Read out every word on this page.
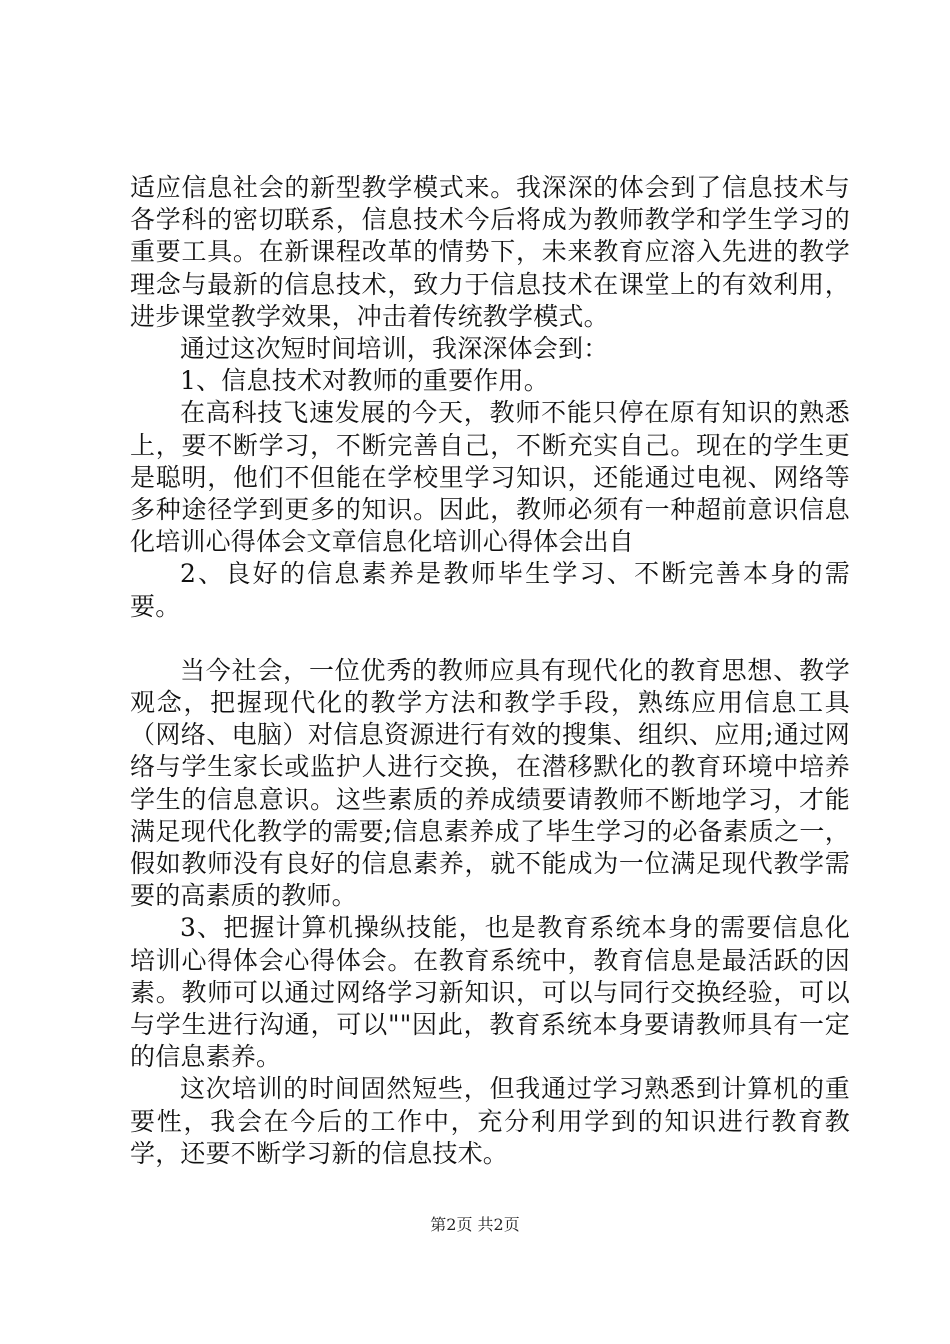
适应信息社会的新型教学模式来。我深深的体会到了信息技术与各学科的密切联系，信息技术今后将成为教师教学和学生学习的重要工具。在新课程改革的情势下，未来教育应溶入先进的教学理念与最新的信息技术，致力于信息技术在课堂上的有效利用，进步课堂教学效果，冲击着传统教学模式。

通过这次短时间培训，我深深体会到：

1、信息技术对教师的重要作用。

在高科技飞速发展的今天，教师不能只停在原有知识的熟悉上，要不断学习，不断完善自己，不断充实自己。现在的学生更是聪明，他们不但能在学校里学习知识，还能通过电视、网络等多种途径学到更多的知识。因此，教师必须有一种超前意识信息化培训心得体会文章信息化培训心得体会出自

2、良好的信息素养是教师毕生学习、不断完善本身的需要。

当今社会，一位优秀的教师应具有现代化的教育思想、教学观念，把握现代化的教学方法和教学手段，熟练应用信息工具（网络、电脑）对信息资源进行有效的搜集、组织、应用;通过网络与学生家长或监护人进行交换，在潜移默化的教育环境中培养学生的信息意识。这些素质的养成绩要请教师不断地学习，才能满足现代化教学的需要;信息素养成了毕生学习的必备素质之一，假如教师没有良好的信息素养，就不能成为一位满足现代教学需要的高素质的教师。

3、把握计算机操纵技能，也是教育系统本身的需要信息化培训心得体会心得体会。在教育系统中，教育信息是最活跃的因素。教师可以通过网络学习新知识，可以与同行交换经验，可以与学生进行沟通，可以""因此，教育系统本身要请教师具有一定的信息素养。

这次培训的时间固然短些，但我通过学习熟悉到计算机的重要性，我会在今后的工作中，充分利用学到的知识进行教育教学，还要不断学习新的信息技术。

第2页 共2页
